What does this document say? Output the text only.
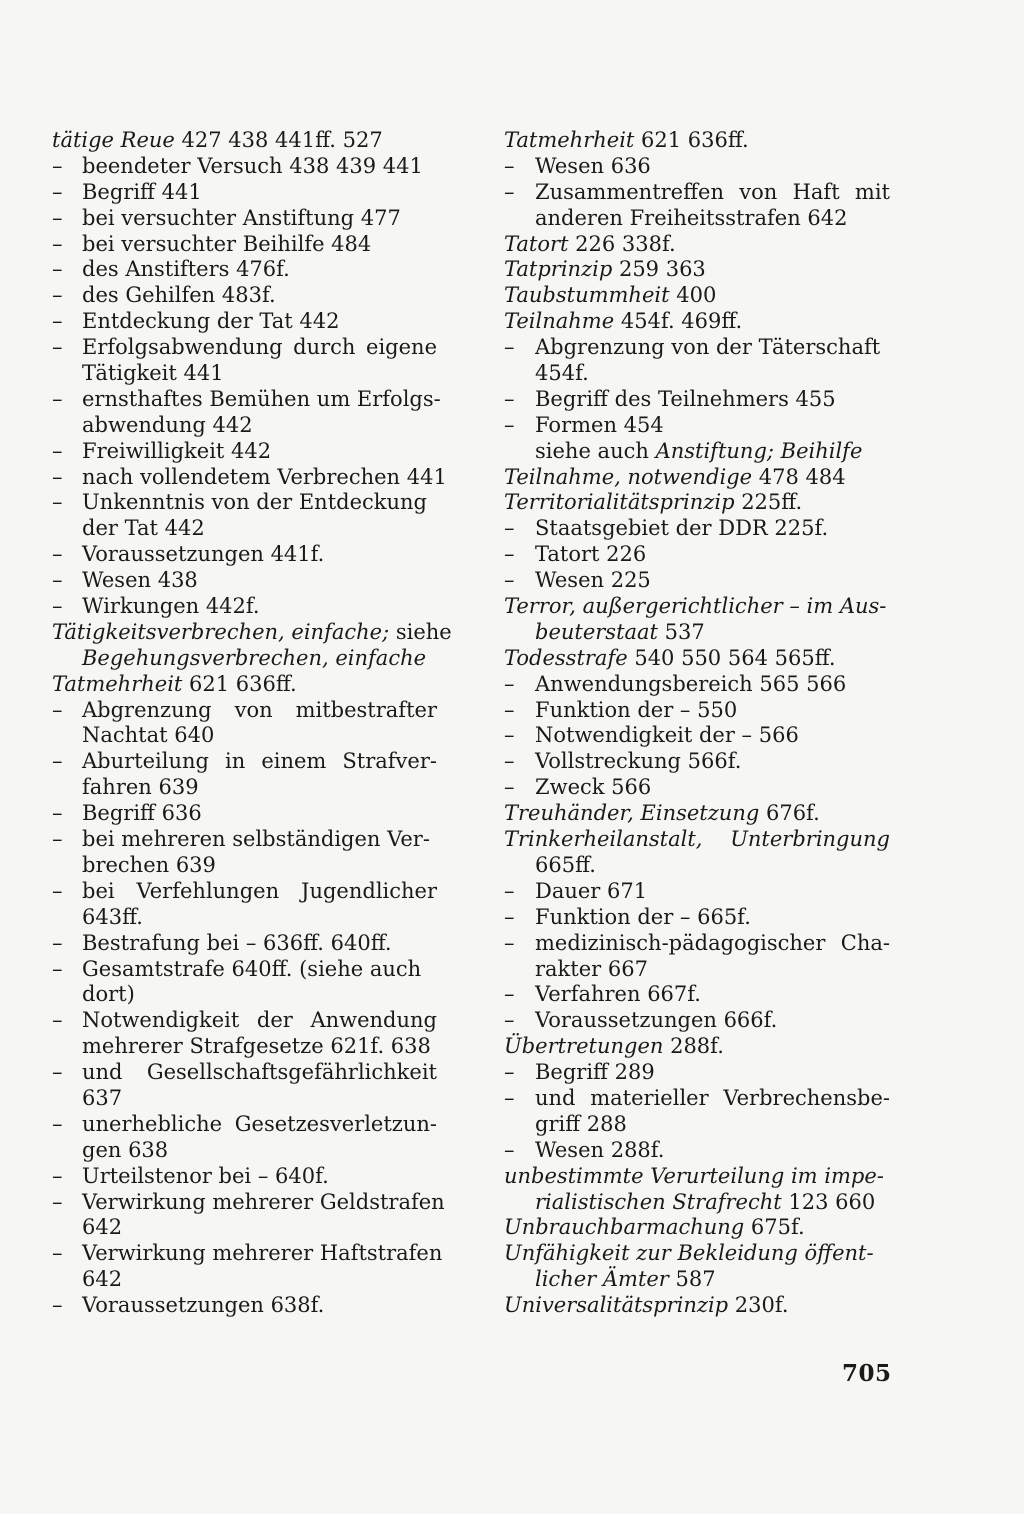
tätige Reue 427 438 441ff. 527
– beendeter Versuch 438 439 441
– Begriff 441
– bei versuchter Anstiftung 477
– bei versuchter Beihilfe 484
– des Anstifters 476f.
– des Gehilfen 483f.
– Entdeckung der Tat 442
– Erfolgsabwendung durch eigene
Tätigkeit 441
– ernsthaftes Bemühen um Erfolgs-
abwendung 442
– Freiwilligkeit 442
– nach vollendetem Verbrechen 441
– Unkenntnis von der Entdeckung
der Tat 442
– Voraussetzungen 441f.
– Wesen 438
– Wirkungen 442f.
Tätigkeitsverbrechen, einfache; siehe
Begehungsverbrechen, einfache
Tatmehrheit 621 636ff.
– Abgrenzung von mitbestrafter
Nachtat 640
– Aburteilung in einem Strafver-
fahren 639
– Begriff 636
– bei mehreren selbständigen Ver-
brechen 639
– bei Verfehlungen Jugendlicher
643ff.
– Bestrafung bei – 636ff. 640ff.
– Gesamtstrafe 640ff. (siehe auch
dort)
– Notwendigkeit der Anwendung
mehrerer Strafgesetze 621f. 638
– und Gesellschaftsgefährlichkeit
637
– unerhebliche Gesetzesverletzun-
gen 638
– Urteilstenor bei – 640f.
– Verwirkung mehrerer Geldstrafen
642
– Verwirkung mehrerer Haftstrafen
642
– Voraussetzungen 638f.
Tatmehrheit 621 636ff.
– Wesen 636
– Zusammentreffen von Haft mit
anderen Freiheitsstrafen 642
Tatort 226 338f.
Tatprinzip 259 363
Taubstummheit 400
Teilnahme 454f. 469ff.
– Abgrenzung von der Täterschaft
454f.
– Begriff des Teilnehmers 455
– Formen 454
siehe auch Anstiftung; Beihilfe
Teilnahme, notwendige 478 484
Territorialitätsprinzip 225ff.
– Staatsgebiet der DDR 225f.
– Tatort 226
– Wesen 225
Terror, außergerichtlicher – im Aus-
beuterstaat 537
Todesstrafe 540 550 564 565ff.
– Anwendungsbereich 565 566
– Funktion der – 550
– Notwendigkeit der – 566
– Vollstreckung 566f.
– Zweck 566
Treuhänder, Einsetzung 676f.
Trinkerheilanstalt, Unterbringung
665ff.
– Dauer 671
– Funktion der – 665f.
– medizinisch-pädagogischer Cha-
rakter 667
– Verfahren 667f.
– Voraussetzungen 666f.
Übertretungen 288f.
– Begriff 289
– und materieller Verbrechensbe-
griff 288
– Wesen 288f.
unbestimmte Verurteilung im impe-
rialistischen Strafrecht 123 660
Unbrauchbarmachung 675f.
Unfähigkeit zur Bekleidung öffent-
licher Ämter 587
Universalitätsprinzip 230f.
705
